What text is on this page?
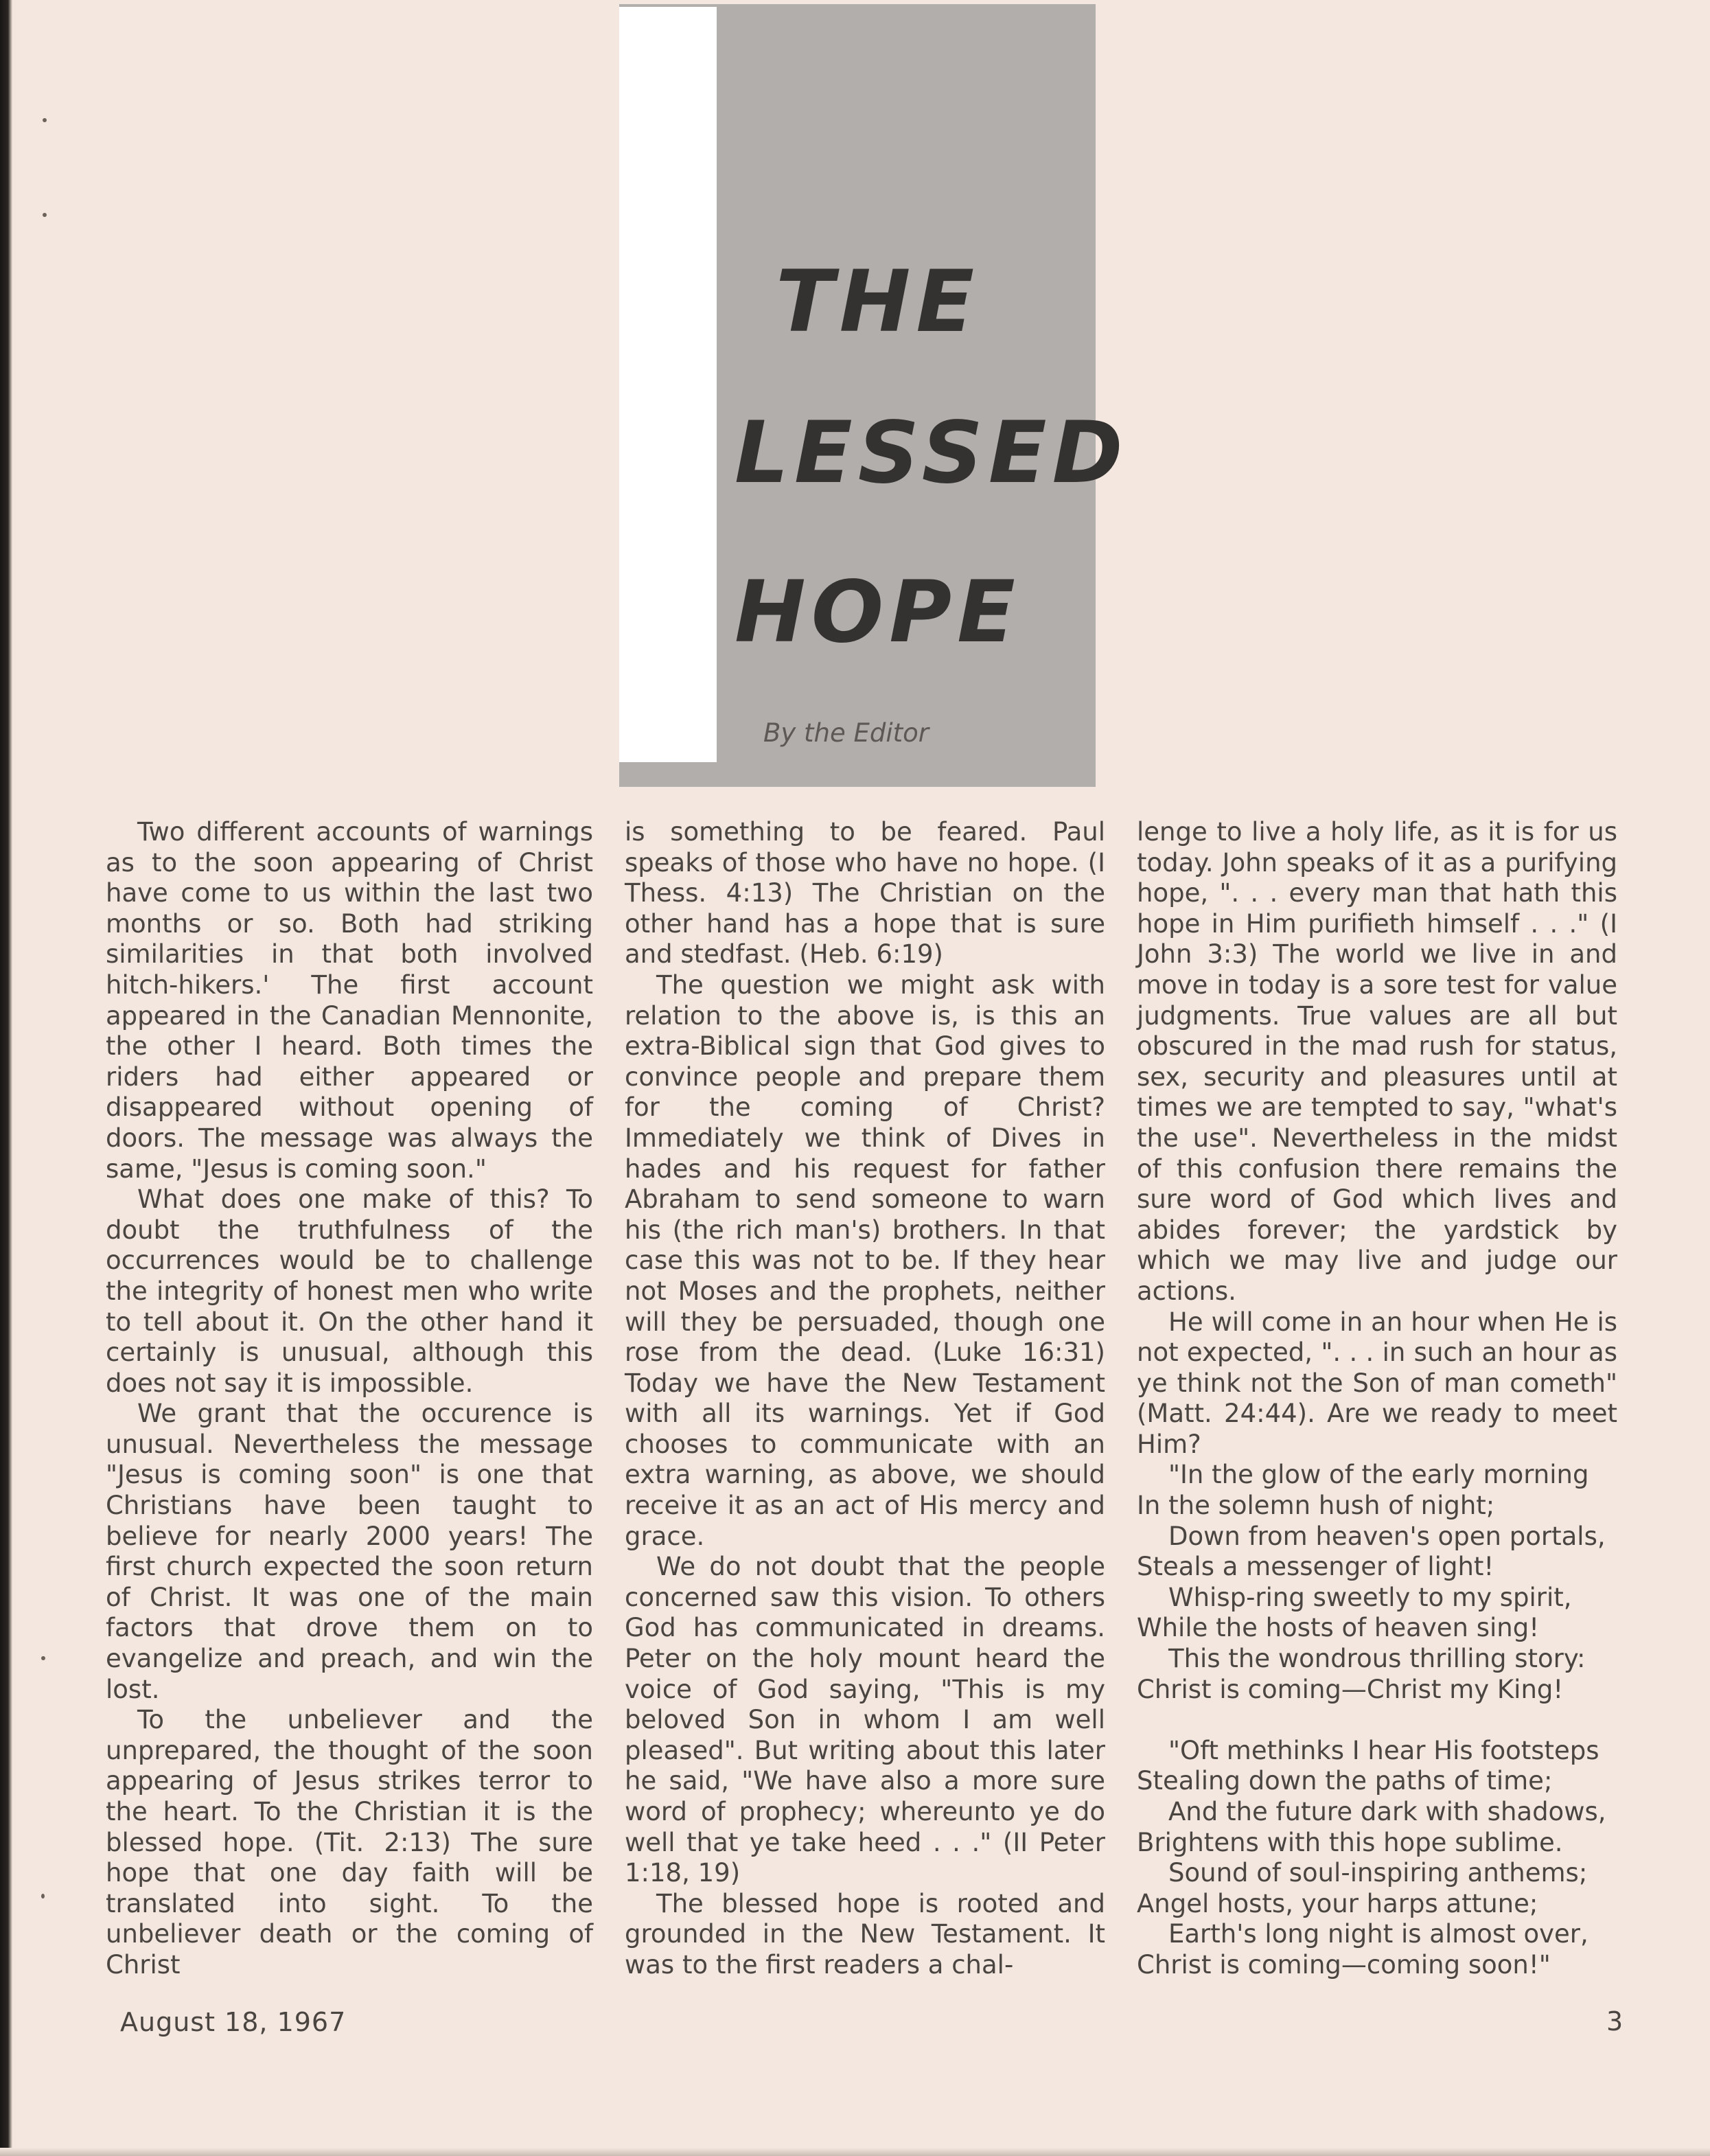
THE
LESSED
HOPE
By the Editor

Two different accounts of warnings as to the soon appearing of Christ have come to us within the last two months or so. Both had striking similarities in that both involved hitch-hikers.' The first account appeared in the Canadian Mennonite, the other I heard. Both times the riders had either appeared or disappeared without opening of doors. The message was always the same, "Jesus is coming soon."

What does one make of this? To doubt the truthfulness of the occurrences would be to challenge the integrity of honest men who write to tell about it. On the other hand it certainly is unusual, although this does not say it is impossible.

We grant that the occurence is unusual. Nevertheless the message "Jesus is coming soon" is one that Christians have been taught to believe for nearly 2000 years! The first church expected the soon return of Christ. It was one of the main factors that drove them on to evangelize and preach, and win the lost.

To the unbeliever and the unprepared, the thought of the soon appearing of Jesus strikes terror to the heart. To the Christian it is the blessed hope. (Tit. 2:13) The sure hope that one day faith will be translated into sight. To the unbeliever death or the coming of Christ

is something to be feared. Paul speaks of those who have no hope. (I Thess. 4:13) The Christian on the other hand has a hope that is sure and stedfast. (Heb. 6:19)

The question we might ask with relation to the above is, is this an extra-Biblical sign that God gives to convince people and prepare them for the coming of Christ? Immediately we think of Dives in hades and his request for father Abraham to send someone to warn his (the rich man's) brothers. In that case this was not to be. If they hear not Moses and the prophets, neither will they be persuaded, though one rose from the dead. (Luke 16:31) Today we have the New Testament with all its warnings. Yet if God chooses to communicate with an extra warning, as above, we should receive it as an act of His mercy and grace.

We do not doubt that the people concerned saw this vision. To others God has communicated in dreams. Peter on the holy mount heard the voice of God saying, "This is my beloved Son in whom I am well pleased". But writing about this later he said, "We have also a more sure word of prophecy; whereunto ye do well that ye take heed . . ." (II Peter 1:18, 19)

The blessed hope is rooted and grounded in the New Testament. It was to the first readers a chal-

lenge to live a holy life, as it is for us today. John speaks of it as a purifying hope, ". . . every man that hath this hope in Him purifieth himself . . ." (I John 3:3) The world we live in and move in today is a sore test for value judgments. True values are all but obscured in the mad rush for status, sex, security and pleasures until at times we are tempted to say, "what's the use". Nevertheless in the midst of this confusion there remains the sure word of God which lives and abides forever; the yardstick by which we may live and judge our actions.

He will come in an hour when He is not expected, ". . . in such an hour as ye think not the Son of man cometh" (Matt. 24:44). Are we ready to meet Him?

"In the glow of the early morning

In the solemn hush of night;

Down from heaven's open portals,

Steals a messenger of light!

Whisp-ring sweetly to my spirit,

While the hosts of heaven sing!

This the wondrous thrilling story:

Christ is coming—Christ my King!

"Oft methinks I hear His footsteps

Stealing down the paths of time;

And the future dark with shadows,

Brightens with this hope sublime.

Sound of soul-inspiring anthems;

Angel hosts, your harps attune;

Earth's long night is almost over,

Christ is coming—coming soon!"

August 18, 1967	3
